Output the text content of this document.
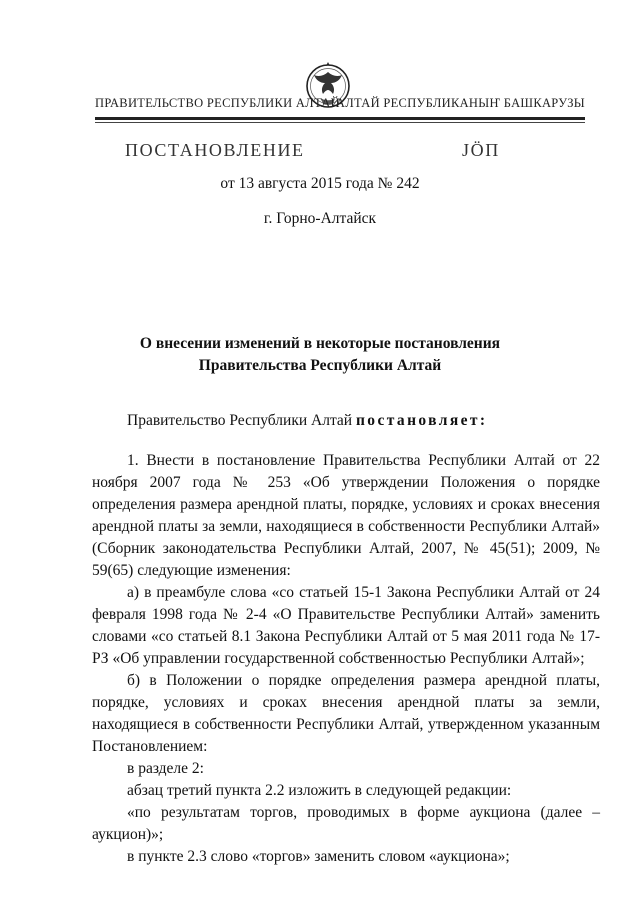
ПРАВИТЕЛЬСТВО РЕСПУБЛИКИ АЛТАЙ
АЛТАЙ РЕСПУБЛИКАНЫҤ БАШКАРУЗЫ
ПОСТАНОВЛЕНИЕ	JÖП
от 13 августа 2015 года № 242
г. Горно-Алтайск
О внесении изменений в некоторые постановления
Правительства Республики Алтай

Правительство Республики Алтай постановляет:

1. Внести в постановление Правительства Республики Алтай от 22 ноября 2007 года № 253 «Об утверждении Положения о порядке определения размера арендной платы, порядке, условиях и сроках внесения арендной платы за земли, находящиеся в собственности Республики Алтай» (Сборник законодательства Республики Алтай, 2007, № 45(51); 2009, № 59(65) следующие изменения:

а) в преамбуле слова «со статьей 15-1 Закона Республики Алтай от 24 февраля 1998 года № 2-4 «О Правительстве Республики Алтай» заменить словами «со статьей 8.1 Закона Республики Алтай от 5 мая 2011 года № 17-РЗ «Об управлении государственной собственностью Республики Алтай»;

б) в Положении о порядке определения размера арендной платы, порядке, условиях и сроках внесения арендной платы за земли, находящиеся в собственности Республики Алтай, утвержденном указанным Постановлением:

в разделе 2:

абзац третий пункта 2.2 изложить в следующей редакции:

«по результатам торгов, проводимых в форме аукциона (далее – аукцион)»;

в пункте 2.3 слово «торгов» заменить словом «аукциона»;
